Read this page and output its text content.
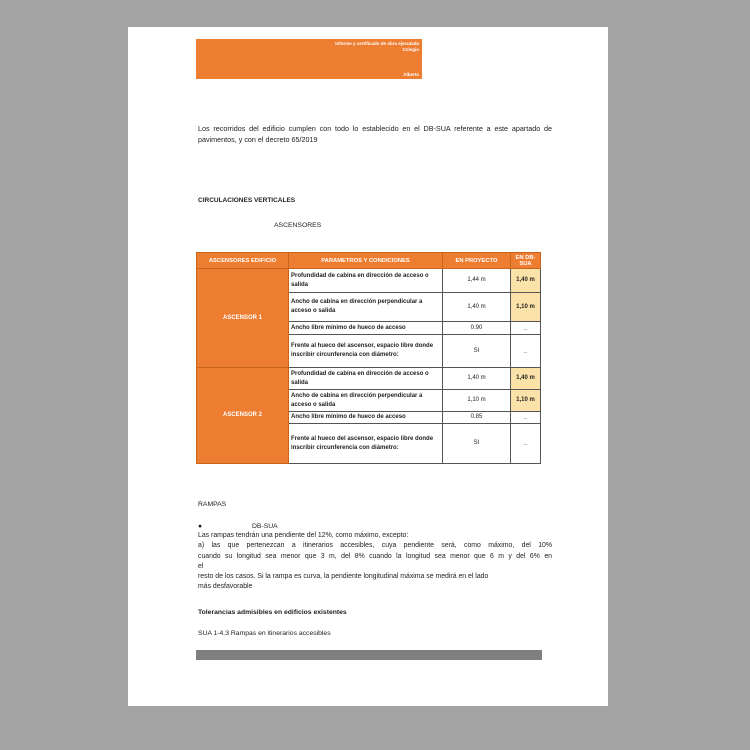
Informe y certificado de obra ejecutada
Colegio
Alberto
Los recorridos del edificio cumplen con todo lo establecido en el DB-SUA referente a este apartado de pavimentos, y con el decreto 65/2019
CIRCULACIONES VERTICALES
ASCENSORES
ASCENSORES EDIFICIO	PARAMETROS Y CONDICIONES	EN PROYECTO	EN DB-SUA
ASCENSOR 1	Profundidad de cabina en dirección de acceso o salida	1,44 m	1,40 m
	Ancho de cabina en dirección perpendicular a acceso o salida	1,40 m	1,10 m
	Ancho libre mínimo de hueco de acceso	0.90	_
	Frente al hueco del ascensor, espacio libre donde inscribir circunferencia con diámetro:	SI	_
ASCENSOR 2	Profundidad de cabina en dirección de acceso o salida	1,40 m	1,40 m
	Ancho de cabina en dirección perpendicular a acceso o salida	1,10 m	1,10 m
	Ancho libre mínimo de hueco de acceso	0.85	_
	Frente al hueco del ascensor, espacio libre donde inscribir circunferencia con diámetro:	SI	_
RAMPAS
●	DB-SUA
Las rampas tendrán una pendiente del 12%, como máximo, excepto:
a) las que pertenezcan a itinerarios accesibles, cuya pendiente será, como máximo, del 10%
cuando su longitud sea menor que 3 m, del 8% cuando la longitud sea menor que 6 m y del 6% en
el
resto de los casos. Si la rampa es curva, la pendiente longitudinal máxima se medirá en el lado
más desfavorable
Tolerancias admisibles en edificios existentes
SUA 1-4.3 Rampas en itinerarios accesibles
